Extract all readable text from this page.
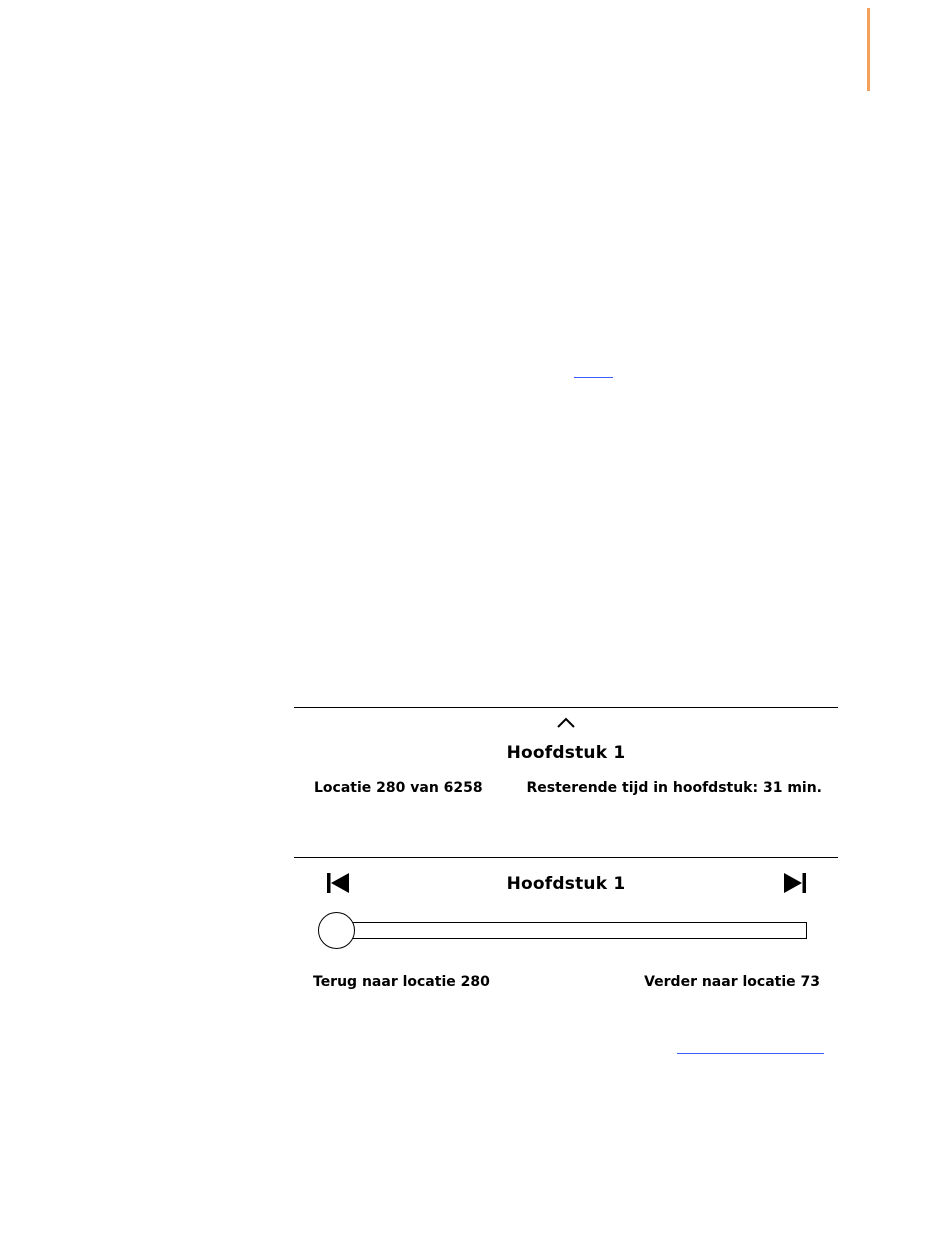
Hoofdstuk 1
Locatie 280 van 6258	Resterende tijd in hoofdstuk: 31 min.
Hoofdstuk 1
Terug naar locatie 280	Verder naar locatie 73
